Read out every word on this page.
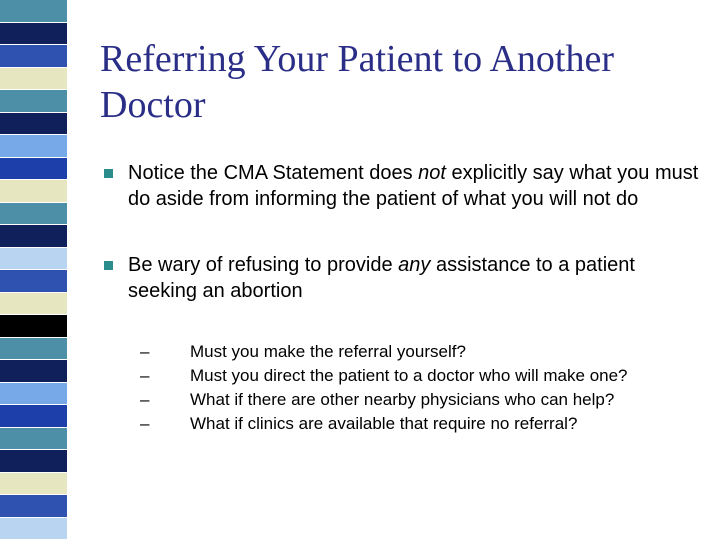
Referring Your Patient to Another Doctor

Notice the CMA Statement does not explicitly say what you must do aside from informing the patient of what you will not do

Be wary of refusing to provide any assistance to a patient seeking an abortion

– Must you make the referral yourself?

– Must you direct the patient to a doctor who will make one?

– What if there are other nearby physicians who can help?

– What if clinics are available that require no referral?
